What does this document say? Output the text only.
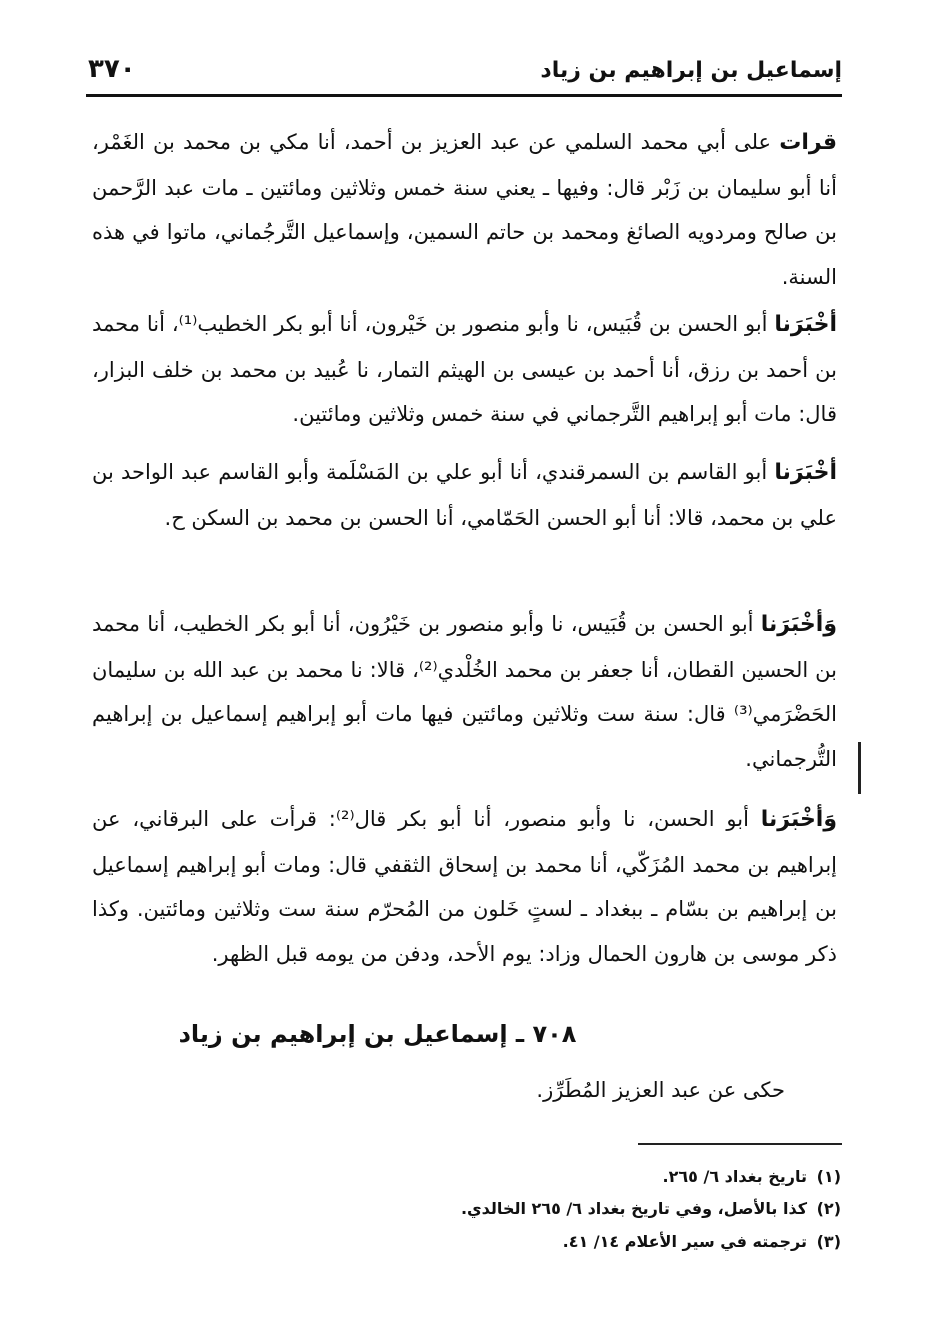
إسماعيل بن إبراهيم بن زياد
٣٧٠

قرات على أبي محمد السلمي عن عبد العزيز بن أحمد، أنا مكي بن محمد بن الغَمْر، أنا أبو سليمان بن زَبْر قال: وفيها ـ يعني سنة خمس وثلاثين ومائتين ـ مات عبد الرَّحمن بن صالح ومردويه الصائغ ومحمد بن حاتم السمين، وإسماعيل التَّرجُماني، ماتوا في هذه السنة.

أخْبَرَنا أبو الحسن بن قُبَيس، نا وأبو منصور بن خَيْرون، أنا أبو بكر الخطيب⁽¹⁾، أنا محمد بن أحمد بن رزق، أنا أحمد بن عيسى بن الهيثم التمار، نا عُبيد بن محمد بن خلف البزار، قال: مات أبو إبراهيم التَّرجماني في سنة خمس وثلاثين ومائتين.

أخْبَرَنا أبو القاسم بن السمرقندي، أنا أبو علي بن المَسْلَمة وأبو القاسم عبد الواحد بن علي بن محمد، قالا: أنا أبو الحسن الحَمّامي، أنا الحسن بن محمد بن السكن ح.

وَأخْبَرَنا أبو الحسن بن قُبَيس، نا وأبو منصور بن خَيْرُون، أنا أبو بكر الخطيب، أنا محمد بن الحسين القطان، أنا جعفر بن محمد الخُلْدي⁽²⁾، قالا: نا محمد بن عبد الله بن سليمان الحَضْرَمي⁽³⁾ قال: سنة ست وثلاثين ومائتين فيها مات أبو إبراهيم إسماعيل بن إبراهيم التُّرجماني.

وَأخْبَرَنا أبو الحسن، نا وأبو منصور، أنا أبو بكر قال⁽²⁾: قرأت على البرقاني، عن إبراهيم بن محمد المُزَكّي، أنا محمد بن إسحاق الثقفي قال: ومات أبو إبراهيم إسماعيل بن إبراهيم بن بسّام ـ ببغداد ـ لستٍ خَلون من المُحرّم سنة ست وثلاثين ومائتين. وكذا ذكر موسى بن هارون الحمال وزاد: يوم الأحد، ودفن من يومه قبل الظهر.

٧٠٨ ـ إسماعيل بن إبراهيم بن زياد
حكى عن عبد العزيز المُطَرِّز.
(١)تاريخ بغداد ٦/ ٢٦٥.
(٢)كذا بالأصل، وفي تاريخ بغداد ٦/ ٢٦٥ الخالدي.
(٣)ترجمته في سير الأعلام ١٤/ ٤١.
